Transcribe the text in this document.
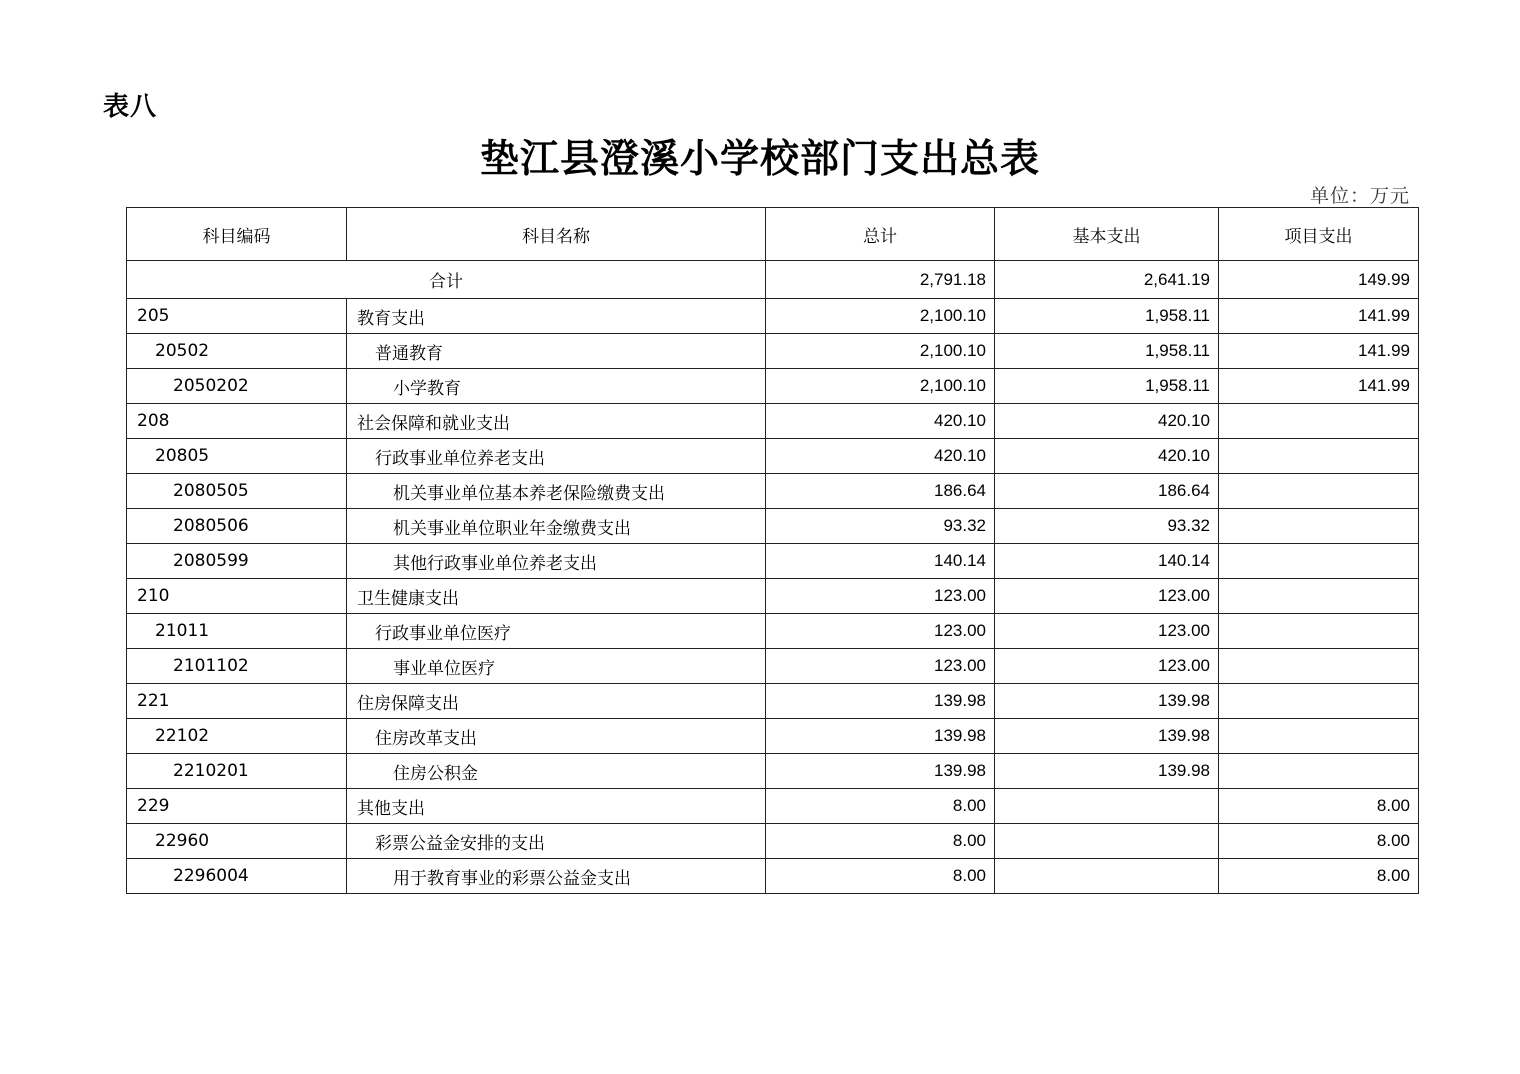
表八
垫江县澄溪小学校部门支出总表
单位：万元
科目编码	科目名称	总计	基本支出	项目支出
合计		2,791.18	2,641.19	149.99
205	教育支出	2,100.10	1,958.11	141.99
20502	普通教育	2,100.10	1,958.11	141.99
2050202	小学教育	2,100.10	1,958.11	141.99
208	社会保障和就业支出	420.10	420.10	
20805	行政事业单位养老支出	420.10	420.10	
2080505	机关事业单位基本养老保险缴费支出	186.64	186.64	
2080506	机关事业单位职业年金缴费支出	93.32	93.32	
2080599	其他行政事业单位养老支出	140.14	140.14	
210	卫生健康支出	123.00	123.00	
21011	行政事业单位医疗	123.00	123.00	
2101102	事业单位医疗	123.00	123.00	
221	住房保障支出	139.98	139.98	
22102	住房改革支出	139.98	139.98	
2210201	住房公积金	139.98	139.98	
229	其他支出	8.00		8.00
22960	彩票公益金安排的支出	8.00		8.00
2296004	用于教育事业的彩票公益金支出	8.00		8.00
